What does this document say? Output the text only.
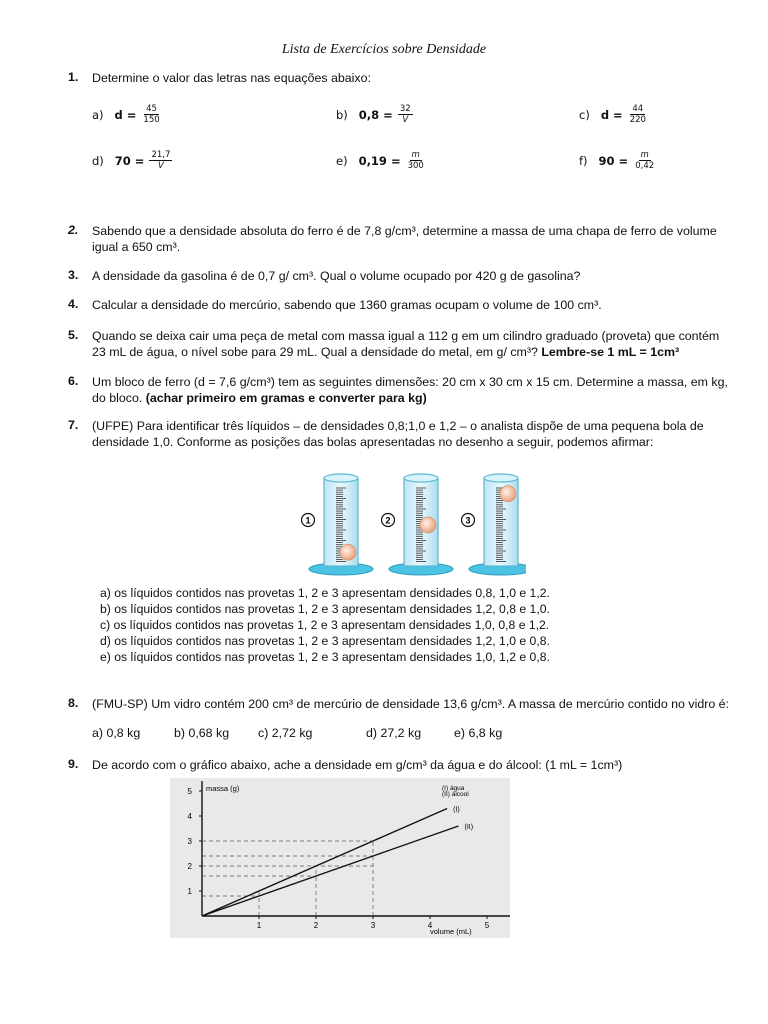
Lista de Exercícios sobre Densidade
1. Determine o valor das letras nas equações abaixo:
a) $d = \frac{45}{150}$	b) $0,8 = \frac{32}{V}$	c) $d = \frac{44}{220}$
d) $70 = \frac{21,7}{V}$	e) $0,19 = \frac{m}{300}$	f) $90 = \frac{m}{0,42}$
2. Sabendo que a densidade absoluta do ferro é de 7,8 g/cm³, determine a massa de uma chapa de ferro de volume igual a 650 cm³.
3. A densidade da gasolina é de 0,7 g/ cm³. Qual o volume ocupado por 420 g de gasolina?
4. Calcular a densidade do mercúrio, sabendo que 1360 gramas ocupam o volume de 100 cm³.
5. Quando se deixa cair uma peça de metal com massa igual a 112 g em um cilindro graduado (proveta) que contém 23 mL de água, o nível sobe para 29 mL. Qual a densidade do metal, em g/ cm³? Lembre-se 1 mL = 1cm³
6. Um bloco de ferro (d = 7,6 g/cm³) tem as seguintes dimensões: 20 cm x 30 cm x 15 cm. Determine a massa, em kg, do bloco. (achar primeiro em gramas e converter para kg)
7. (UFPE) Para identificar três líquidos – de densidades 0,8;1,0 e 1,2 – o analista dispõe de uma pequena bola de densidade 1,0. Conforme as posições das bolas apresentadas no desenho a seguir, podemos afirmar:
1	2	3
a) os líquidos contidos nas provetas 1, 2 e 3 apresentam densidades 0,8, 1,0 e 1,2.
b) os líquidos contidos nas provetas 1, 2 e 3 apresentam densidades 1,2, 0,8 e 1,0.
c) os líquidos contidos nas provetas 1, 2 e 3 apresentam densidades 1,0, 0,8 e 1,2.
d) os líquidos contidos nas provetas 1, 2 e 3 apresentam densidades 1,2, 1,0 e 0,8.
e) os líquidos contidos nas provetas 1, 2 e 3 apresentam densidades 1,0, 1,2 e 0,8.
8. (FMU-SP) Um vidro contém 200 cm³ de mercúrio de densidade 13,6 g/cm³. A massa de mercúrio contido no vidro é:
a) 0,8 kg	b) 0,68 kg c) 2,72 kg	d) 27,2 kg	e) 6,8 kg
9. De acordo com o gráfico abaixo, ache a densidade em g/cm³ da água e do álcool: (1 mL = 1cm³)
1
2
3
4
5
1	2	3	4	5
(I)
(II)
massa (g)
volume (mL)
(I) água
(II) álcool
